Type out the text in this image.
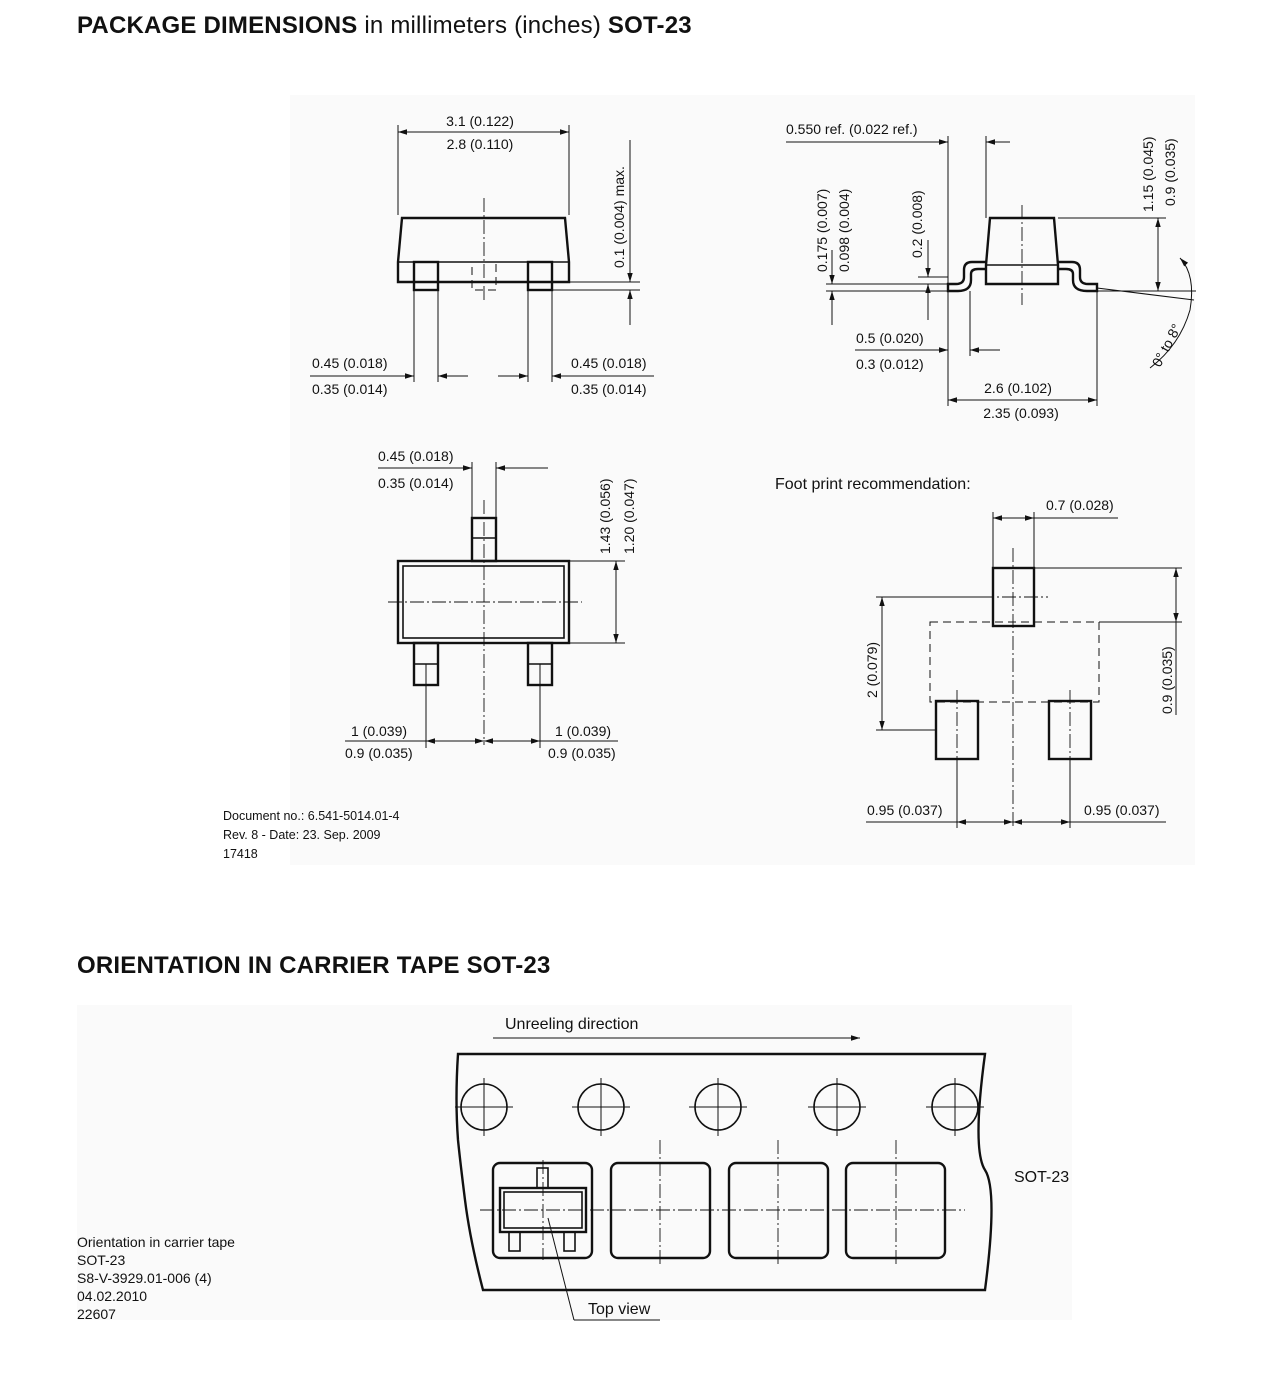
PACKAGE DIMENSIONS in millimeters (inches) SOT-23
ORIENTATION IN CARRIER TAPE SOT-23
3.1 (0.122)
2.8 (0.110)
0.1 (0.004) max.
0.45 (0.018)
0.35 (0.014)
0.45 (0.018)
0.35 (0.014)
0.550 ref. (0.022 ref.)
0.175 (0.007) 0.098 (0.004)	0.2 (0.008)
1.15 (0.045) 0.9 (0.035)
0.5 (0.020)
0.3 (0.012)
2.6 (0.102)
2.35 (0.093)
0° to 8°
0.45 (0.018)
0.35 (0.014)	1.43 (0.056) 1.20 (0.047)
1 (0.039)
0.9 (0.035)
1 (0.039)
0.9 (0.035)
Foot print recommendation:
0.7 (0.028)
2 (0.079)	0.9 (0.035)
0.95 (0.037)	0.95 (0.037)
Unreeling direction
Top view
SOT-23
Document no.: 6.541-5014.01-4
Rev. 8 - Date: 23. Sep. 2009
17418
Orientation in carrier tape
SOT-23
S8-V-3929.01-006 (4)
04.02.2010
22607
